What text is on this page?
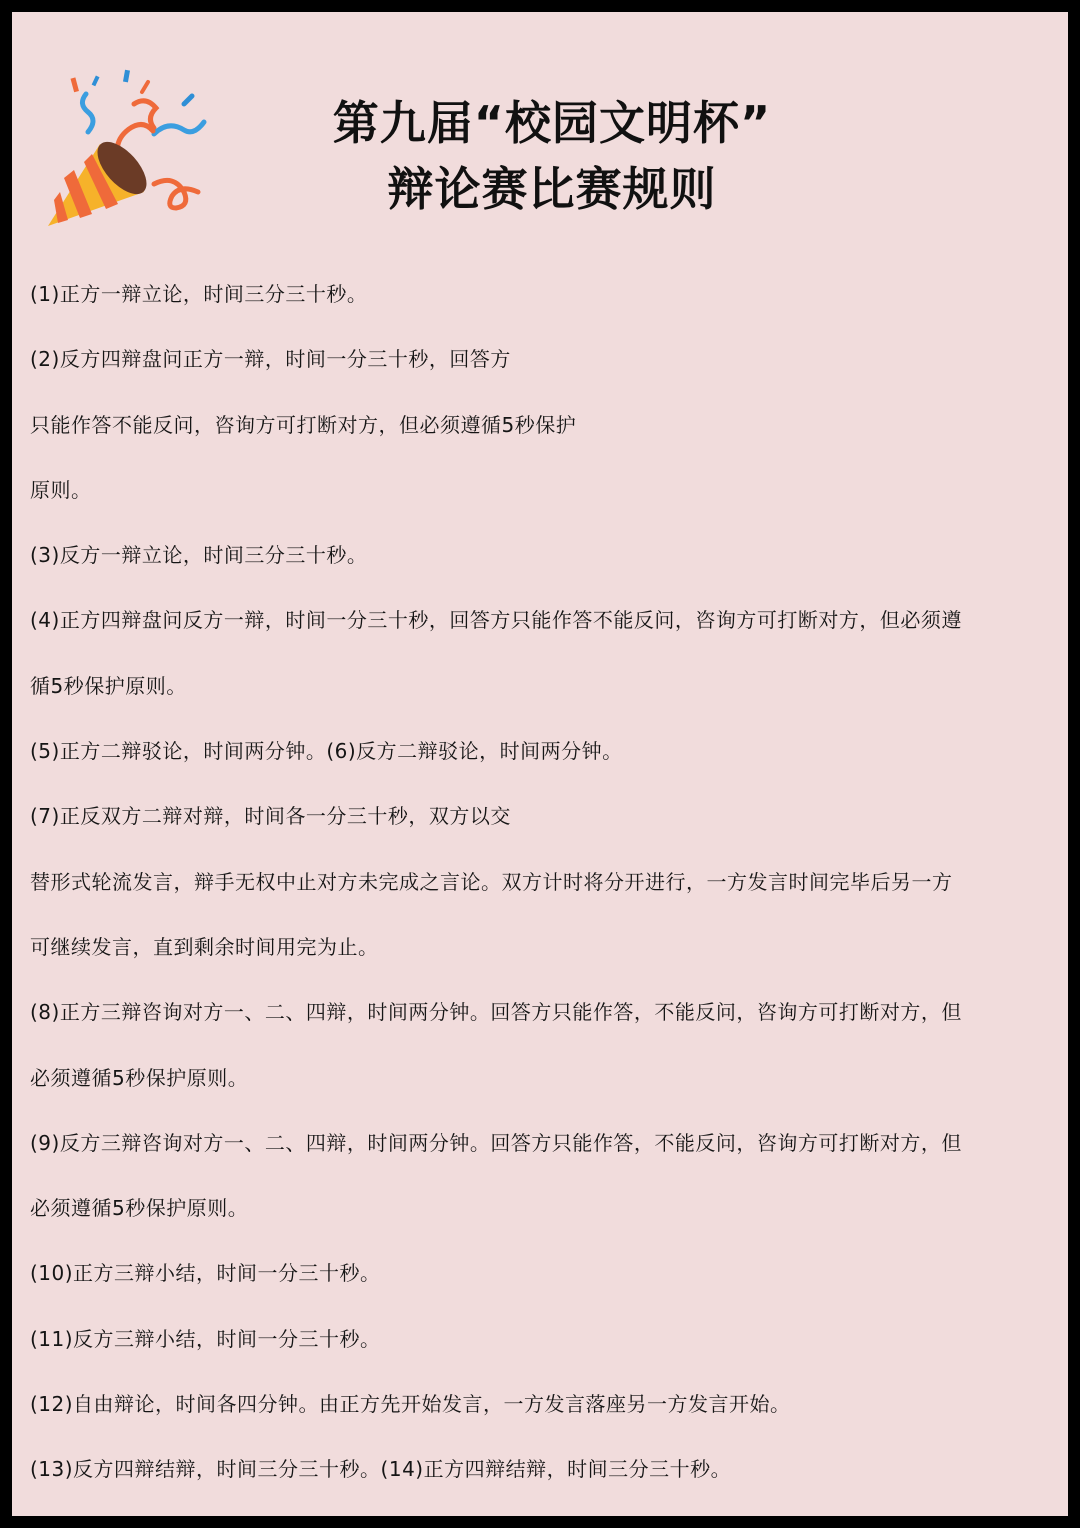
第九届“校园文明杯”
辩论赛比赛规则
(1)正方一辩立论，时间三分三十秒。
(2)反方四辩盘问正方一辩，时间一分三十秒，回答方
只能作答不能反问，咨询方可打断对方，但必须遵循5秒保护
原则。
(3)反方一辩立论，时间三分三十秒。
(4)正方四辩盘问反方一辩，时间一分三十秒，回答方只能作答不能反问，咨询方可打断对方，但必须遵
循5秒保护原则。
(5)正方二辩驳论，时间两分钟。(6)反方二辩驳论，时间两分钟。
(7)正反双方二辩对辩，时间各一分三十秒，双方以交
替形式轮流发言，辩手无权中止对方未完成之言论。双方计时将分开进行，一方发言时间完毕后另一方
可继续发言，直到剩余时间用完为止。
(8)正方三辩咨询对方一、二、四辩，时间两分钟。回答方只能作答，不能反问，咨询方可打断对方，但
必须遵循5秒保护原则。
(9)反方三辩咨询对方一、二、四辩，时间两分钟。回答方只能作答，不能反问，咨询方可打断对方，但
必须遵循5秒保护原则。
(10)正方三辩小结，时间一分三十秒。
(11)反方三辩小结，时间一分三十秒。
(12)自由辩论，时间各四分钟。由正方先开始发言，一方发言落座另一方发言开始。
(13)反方四辩结辩，时间三分三十秒。(14)正方四辩结辩，时间三分三十秒。
